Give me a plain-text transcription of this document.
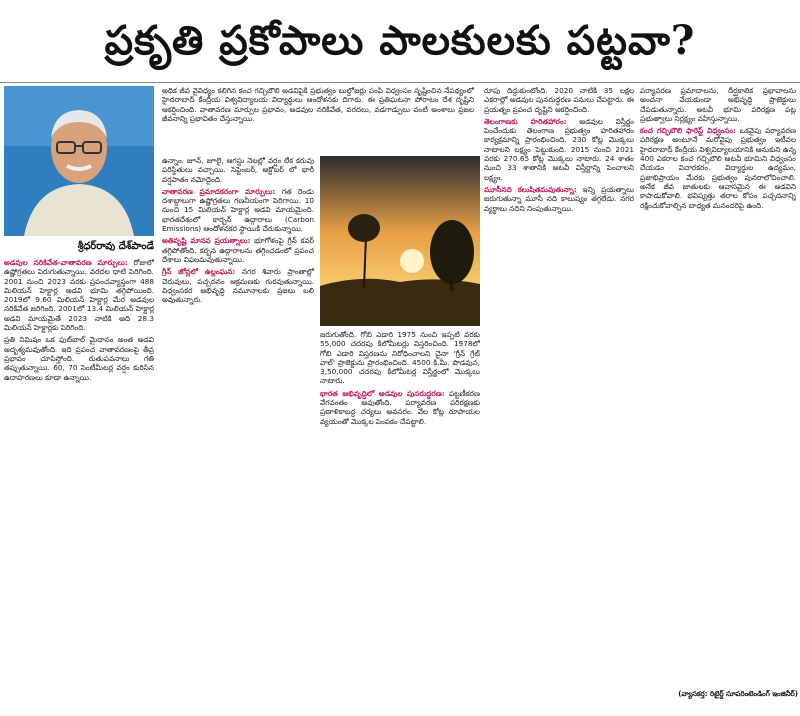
ప్రకృతి ప్రకోపాలు పాలకులకు పట్టవా?
శ్రీధర్‌రావు దేశ్‌పాండే

అధిక జీవ వైవిధ్యం కలిగిన కంచ గచ్చిబౌలి అడవిపైకి ప్రభుత్వం బుల్డోజర్లు పంపి విధ్వంసం సృష్టించిన నేపథ్యంలో హైదరాబాద్ కేంద్రీయ విశ్వవిద్యాలయ విద్యార్థులు ఆందోళనకు దిగారు. ఈ ప్రతిఘటనా పోరాటం దేశ దృష్టిని ఆకర్షించింది. వాతావరణ మార్పుల ప్రభావం, అడవుల నరికివేత, వరదలు, వడగాడ్పులు వంటి అంశాలు ప్రజల జీవనాన్ని ప్రభావితం చేస్తున్నాయి.

అడవుల నరికివేత-వాతావరణ మార్పులు: రోజులో ఉష్ణోగ్రతలు పెరుగుతున్నాయి. వరదల ధాటి పెరిగింది. 2001 నుంచి 2023 వరకు ప్రపంచవ్యాప్తంగా 488 మిలియన్ హెక్టార్ల అడవి భూమి తగ్గిపోయింది. 2019లో 9.60 మిలియన్ హెక్టార్ల మేర అడవుల నరికివేత జరిగింది. 2001లో 13.4 మిలియన్ హెక్టార్ల అడవి మాయమైతే 2023 నాటికి అది 28.3 మిలియన్ హెక్టార్లకు పెరిగింది.

ప్రతి నిమిషం ఒక ఫుట్‌బాల్ మైదానం అంత అడవి అదృశ్యమవుతోంది. ఇది ప్రపంచ వాతావరణంపై తీవ్ర ప్రభావం చూపిస్తోంది. రుతుపవనాలు గతి తప్పుతున్నాయి. 60, 70 సెంటీమీటర్ల వర్షం కురిసిన ఉదాహరణలు కూడా ఉన్నాయి.

ఉన్నాం. జూన్, జూలై, ఆగస్టు నెలల్లో వర్షం లేక కరువు పరిస్థితులు వచ్చాయి. సెప్టెంబర్, అక్టోబర్ లో భారీ వర్షపాతం నమోదైంది.

వాతావరణ ప్రమాదకరంగా మార్పులు: గత రెండు దశాబ్దాలుగా ఉష్ణోగ్రతలు గణనీయంగా పెరిగాయి. 10 నుంచి 15 మిలియన్ హెక్టార్ల అడవి మాయమైంది. భారతదేశంలో కార్బన్ ఉద్గారాలు (Carbon Emissions) ఆందోళనకర స్థాయికి చేరుకున్నాయి.

అతివృష్టి మానవ ప్రయత్నాలు: భూగోళంపై గ్రీన్ కవర్ తగ్గిపోతోంది. కర్బన ఉద్గారాలను తగ్గించడంలో ప్రపంచ దేశాలు విఫలమవుతున్నాయి.

గ్రీన్ జోన్లలో ఉల్లంఘన: నగర శివారు ప్రాంతాల్లో చెరువులు, పచ్చదనం ఆక్రమణకు గురవుతున్నాయి. విధ్వంసకర అభివృద్ధి నమూనాలకు ప్రజలు బలి అవుతున్నారు.

జరుగుతోంది. గోబి ఎడారి 1975 నుంచి ఇప్పటి వరకు 55,000 చదరపు కిలోమీటర్లు విస్తరించింది. 1978లో గోబి ఎడారి విస్తరణను నిరోధించాలని చైనా 'గ్రీన్ గ్రేట్ వాల్' ప్రాజెక్టును ప్రారంభించింది. 4500 కి.మీ. పొడవున, 3,50,000 చదరపు కిలోమీటర్ల విస్తీర్ణంలో మొక్కలు నాటారు.

భారత అభివృద్ధిలో అడవుల పునరుద్ధరణ: పట్టణీకరణ వేగవంతం అవుతోంది. పర్యావరణ పరిరక్షణకు ప్రణాళికాబద్ధ చర్యలు అవసరం. వేల కోట్ల రూపాయల వ్యయంతో మొక్కల పెంపకం చేపట్టాలి.

రూపు దిద్దుకుంటోంది. 2020 నాటికి 35 లక్షల ఎకరాల్లో అడవుల పునరుద్ధరణ పనులు చేపట్టారు. ఈ ప్రయత్నం ప్రపంచ దృష్టిని ఆకర్షించింది.

తెలంగాణకు హరితహారం: అడవుల విస్తీర్ణం పెంచేందుకు తెలంగాణ ప్రభుత్వం హరితహారం కార్యక్రమాన్ని ప్రారంభించింది. 230 కోట్ల మొక్కలు నాటాలని లక్ష్యం పెట్టుకుంది. 2015 నుంచి 2021 వరకు 270.65 కోట్ల మొక్కలు నాటారు. 24 శాతం నుంచి 33 శాతానికి అటవీ విస్తీర్ణాన్ని పెంచాలని లక్ష్యం.

మూసీనది కలుషితమవుతున్నా: ఇన్ని ప్రయత్నాలు జరుగుతున్నా మూసీ నది కాలుష్యం తగ్గలేదు. నగర వ్యర్థాలు నదిని నింపుతున్నాయి.

పర్యావరణ ప్రమాదాలను, దీర్ఘకాలిక ప్రభావాలను అంచనా వేయకుండా అభివృద్ధి ప్రాజెక్టులు చేపడుతున్నారు. అటవీ భూమి పరిరక్షణ పట్ల ప్రభుత్వాలు నిర్లక్ష్యం వహిస్తున్నాయి.

కంచ గచ్చిబౌలి ఫారెస్ట్ విధ్వంసం: ఒకవైపు పర్యావరణ పరిరక్షణ అంటూనే మరోవైపు ప్రభుత్వం ఇటీవల హైదరాబాద్ కేంద్రీయ విశ్వవిద్యాలయానికి ఆనుకుని ఉన్న 400 ఎకరాల కంచ గచ్చిబౌలి అటవీ భూమిని విధ్వంసం చేయడం విచారకరం. విద్యార్థుల ఉద్యమం, ప్రజాభిప్రాయం మేరకు ప్రభుత్వం పునరాలోచించాలి. అనేక జీవ జాతులకు ఆవాసమైన ఈ అడవిని కాపాడుకోవాలి. భవిష్యత్తు తరాల కోసం పచ్చదనాన్ని రక్షించుకోవాల్సిన బాధ్యత మనందరిపై ఉంది.

(వ్యాసకర్త: రిటైర్డ్ సూపరింటెండింగ్ ఇంజినీర్)
